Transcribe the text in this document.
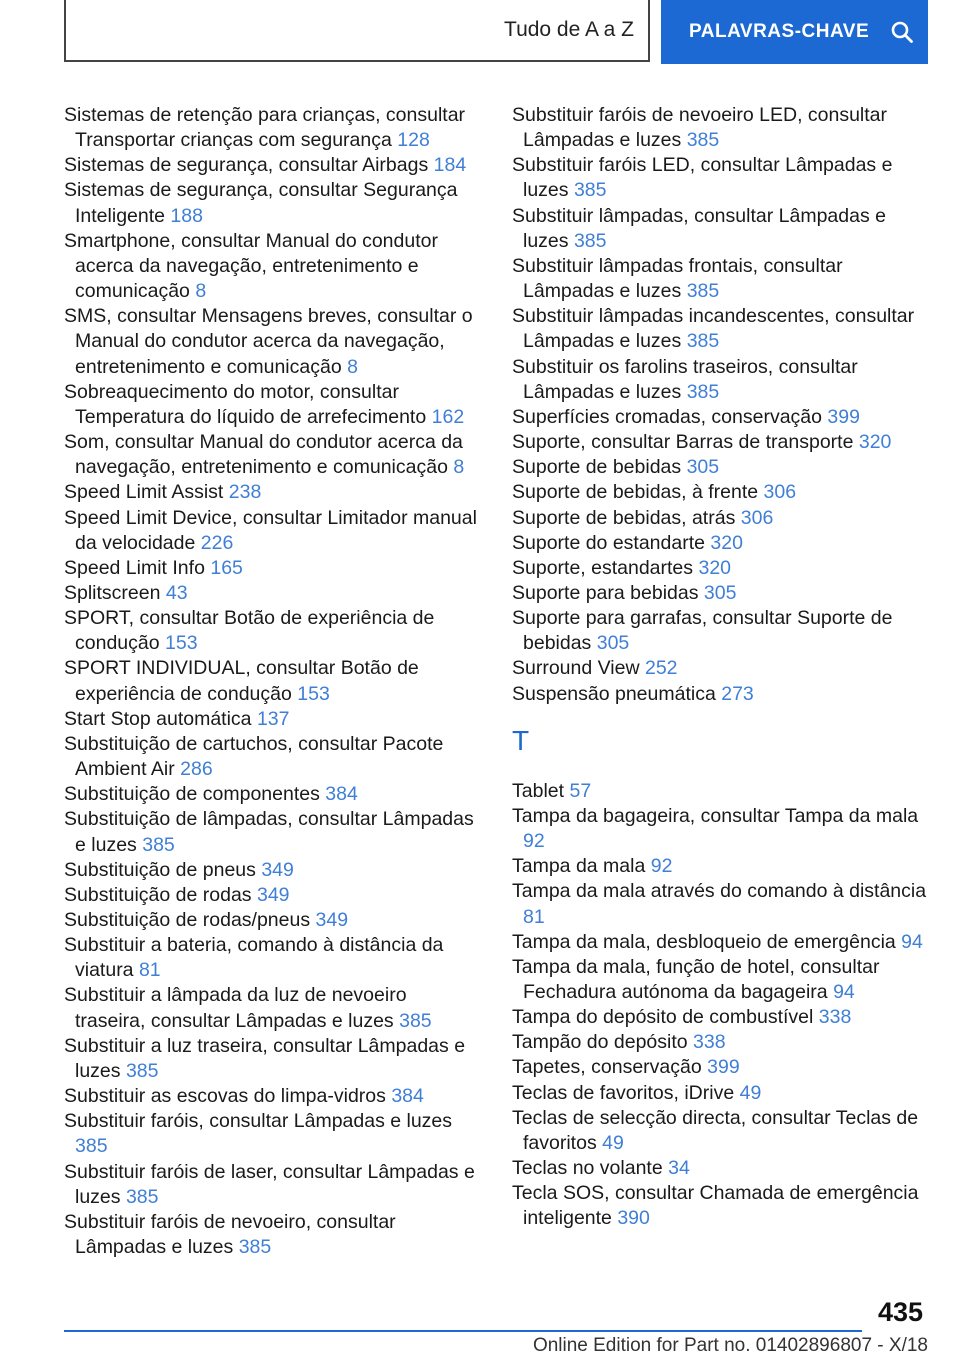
Tudo de A a Z	PALAVRAS-CHAVE
Sistemas de retenção para crianças, consultar Transportar crianças com segurança 128
Sistemas de segurança, consultar Airbags 184
Sistemas de segurança, consultar Segurança Inteligente 188
Smartphone, consultar Manual do condutor acerca da navegação, entretenimento e comunicação 8
SMS, consultar Mensagens breves, consultar o Manual do condutor acerca da navegação, entretenimento e comunicação 8
Sobreaquecimento do motor, consultar Temperatura do líquido de arrefecimento 162
Som, consultar Manual do condutor acerca da navegação, entretenimento e comunicação 8
Speed Limit Assist 238
Speed Limit Device, consultar Limitador manual da velocidade 226
Speed Limit Info 165
Splitscreen 43
SPORT, consultar Botão de experiência de condução 153
SPORT INDIVIDUAL, consultar Botão de experiência de condução 153
Start Stop automática 137
Substituição de cartuchos, consultar Pacote Ambient Air 286
Substituição de componentes 384
Substituição de lâmpadas, consultar Lâmpadas e luzes 385
Substituição de pneus 349
Substituição de rodas 349
Substituição de rodas/pneus 349
Substituir a bateria, comando à distância da viatura 81
Substituir a lâmpada da luz de nevoeiro traseira, consultar Lâmpadas e luzes 385
Substituir a luz traseira, consultar Lâmpadas e luzes 385
Substituir as escovas do limpa-vidros 384
Substituir faróis, consultar Lâmpadas e luzes 385
Substituir faróis de laser, consultar Lâmpadas e luzes 385
Substituir faróis de nevoeiro, consultar Lâmpadas e luzes 385
Substituir faróis de nevoeiro LED, consultar Lâmpadas e luzes 385
Substituir faróis LED, consultar Lâmpadas e luzes 385
Substituir lâmpadas, consultar Lâmpadas e luzes 385
Substituir lâmpadas frontais, consultar Lâmpadas e luzes 385
Substituir lâmpadas incandescentes, consultar Lâmpadas e luzes 385
Substituir os farolins traseiros, consultar Lâmpadas e luzes 385
Superfícies cromadas, conservação 399
Suporte, consultar Barras de transporte 320
Suporte de bebidas 305
Suporte de bebidas, à frente 306
Suporte de bebidas, atrás 306
Suporte do estandarte 320
Suporte, estandartes 320
Suporte para bebidas 305
Suporte para garrafas, consultar Suporte de bebidas 305
Surround View 252
Suspensão pneumática 273
T
Tablet 57
Tampa da bagageira, consultar Tampa da mala 92
Tampa da mala 92
Tampa da mala através do comando à distância 81
Tampa da mala, desbloqueio de emergência 94
Tampa da mala, função de hotel, consultar Fechadura autónoma da bagageira 94
Tampa do depósito de combustível 338
Tampão do depósito 338
Tapetes, conservação 399
Teclas de favoritos, iDrive 49
Teclas de selecção directa, consultar Teclas de favoritos 49
Teclas no volante 34
Tecla SOS, consultar Chamada de emergência inteligente 390
435
Online Edition for Part no. 01402896807 - X/18
